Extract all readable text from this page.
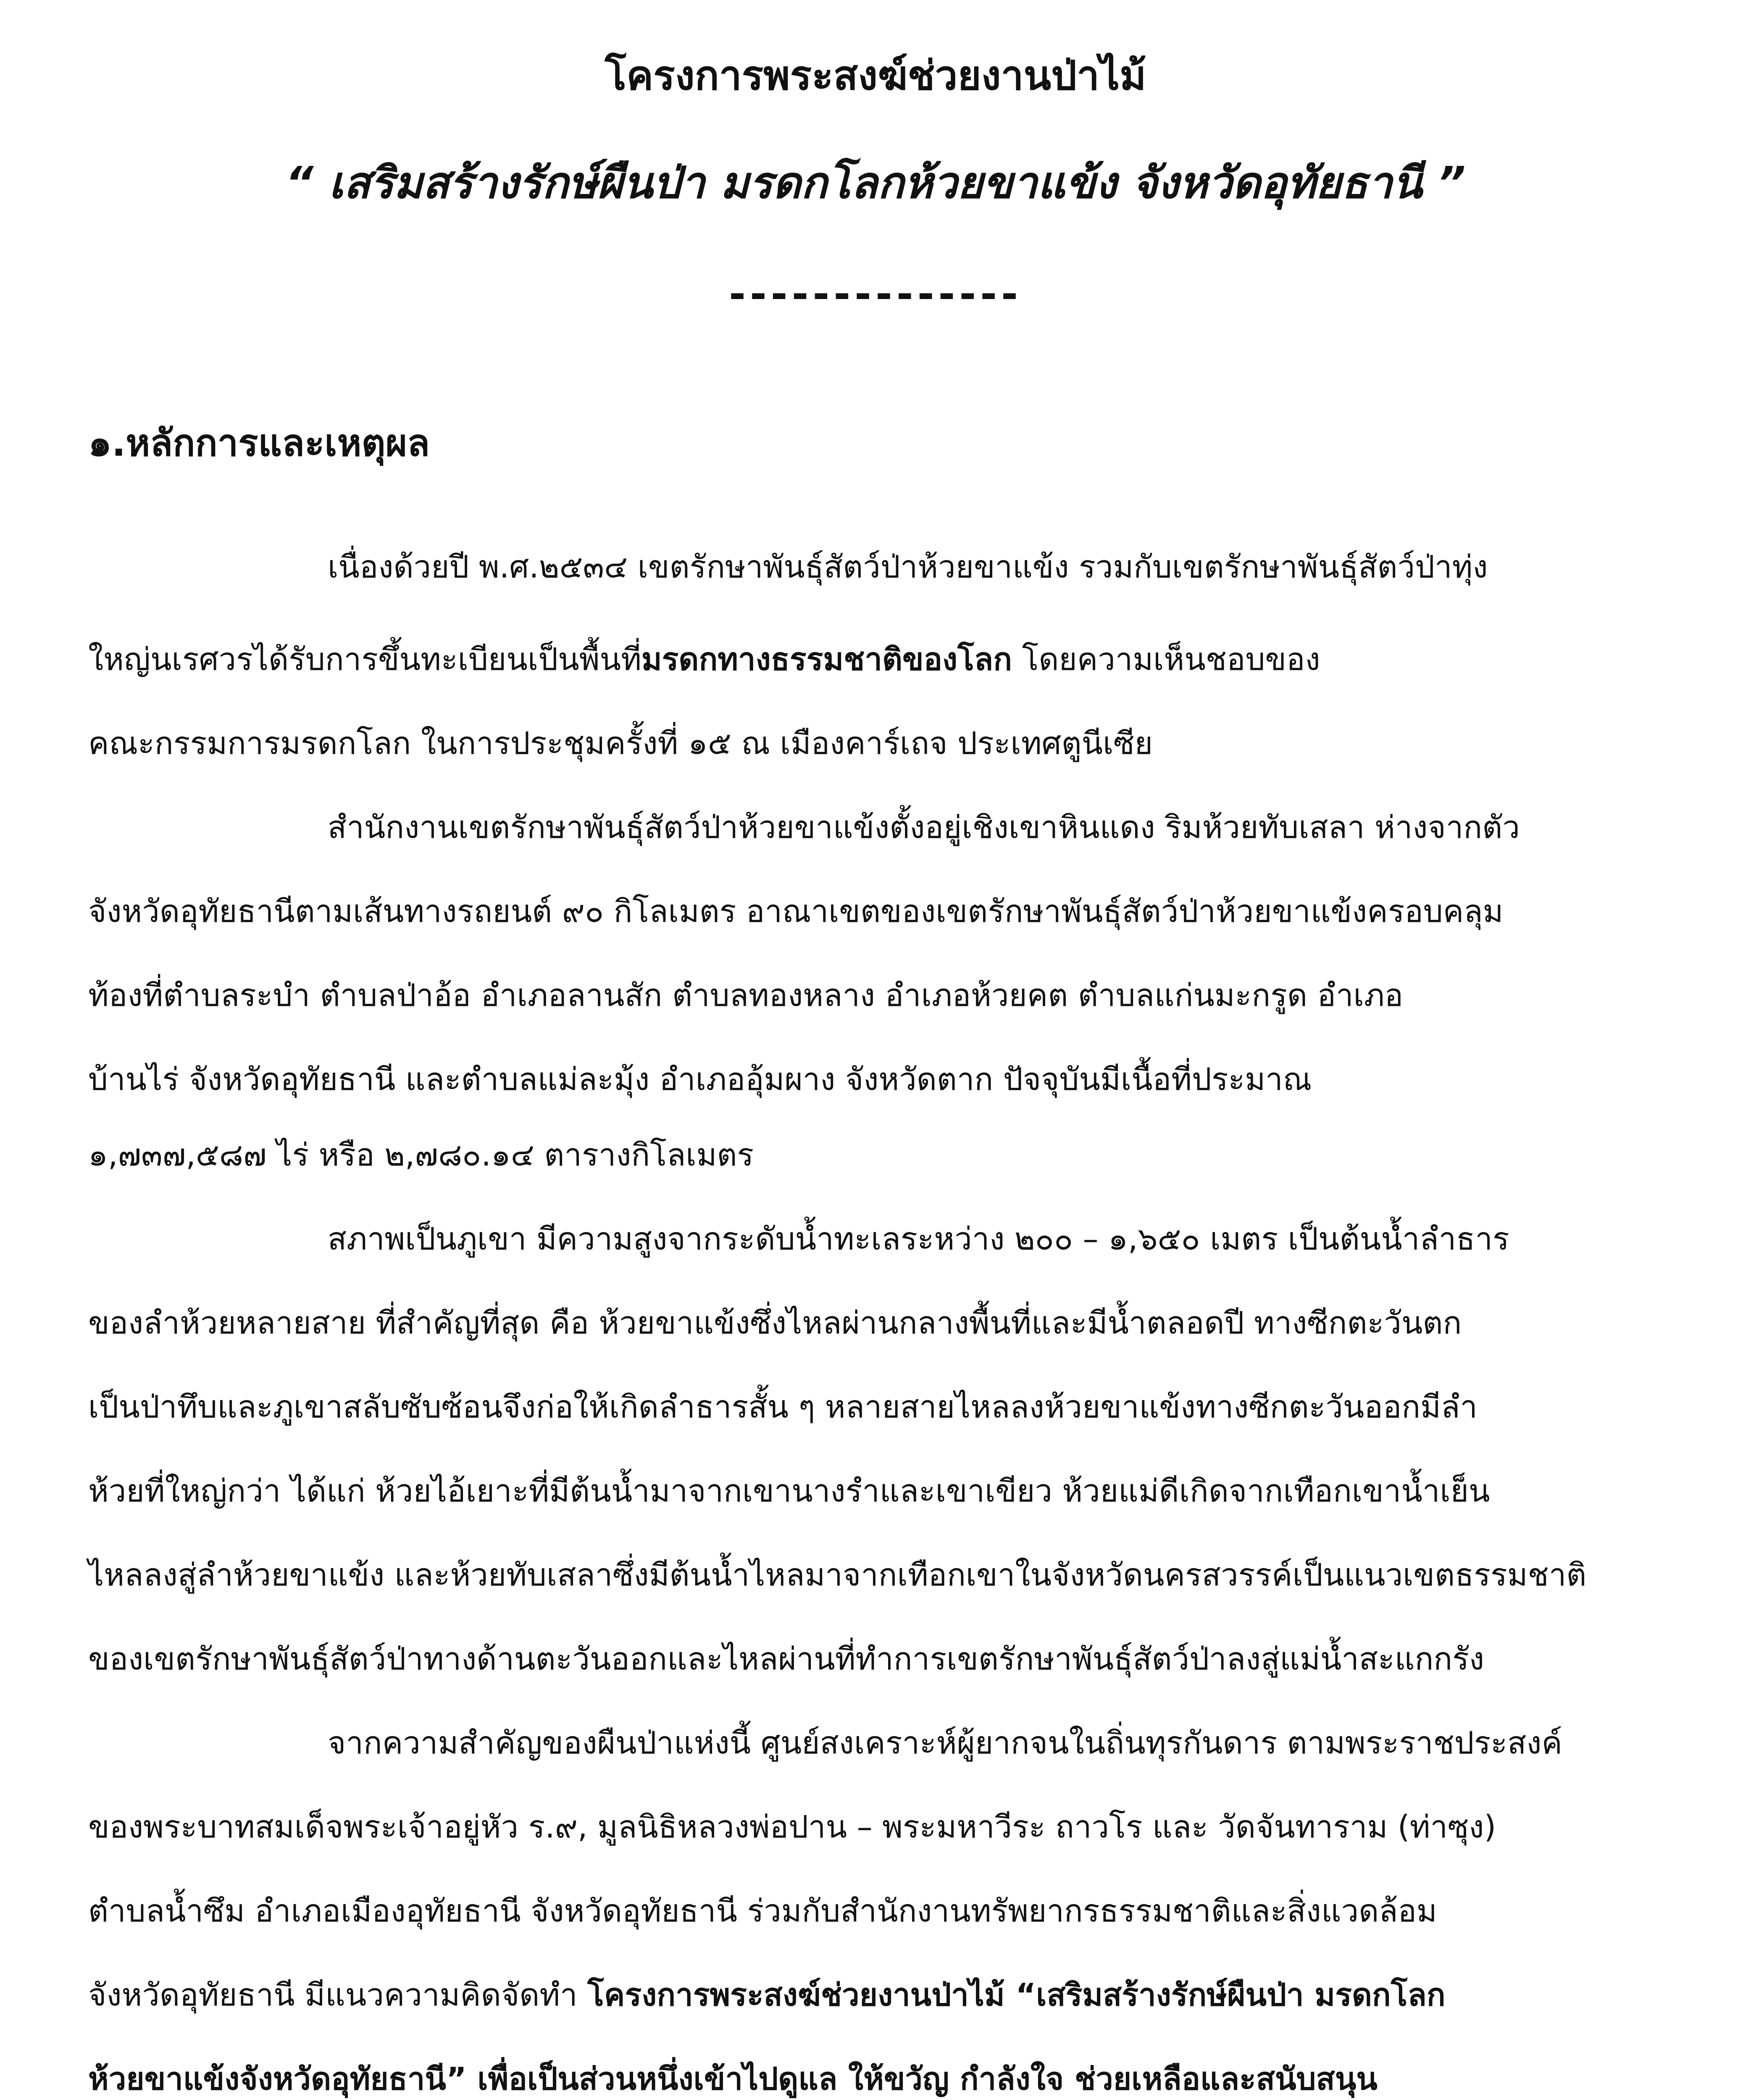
โครงการพระสงฆ์ช่วยงานป่าไม้
“ เสริมสร้างรักษ์ผืนป่า มรดกโลกห้วยขาแข้ง จังหวัดอุทัยธานี ”
--------------
๑.หลักการและเหตุผล
เนื่องด้วยปี พ.ศ.๒๕๓๔ เขตรักษาพันธุ์สัตว์ป่าห้วยขาแข้ง รวมกับเขตรักษาพันธุ์สัตว์ป่าทุ่ง
ใหญ่นเรศวรได้รับการขึ้นทะเบียนเป็นพื้นที่มรดกทางธรรมชาติของโลก โดยความเห็นชอบของ
คณะกรรมการมรดกโลก ในการประชุมครั้งที่ ๑๕ ณ เมืองคาร์เถจ ประเทศตูนีเซีย
สำนักงานเขตรักษาพันธุ์สัตว์ป่าห้วยขาแข้งตั้งอยู่เชิงเขาหินแดง ริมห้วยทับเสลา ห่างจากตัว
จังหวัดอุทัยธานีตามเส้นทางรถยนต์ ๙๐ กิโลเมตร อาณาเขตของเขตรักษาพันธุ์สัตว์ป่าห้วยขาแข้งครอบคลุม
ท้องที่ตำบลระบำ ตำบลป่าอ้อ อำเภอลานสัก ตำบลทองหลาง อำเภอห้วยคต ตำบลแก่นมะกรูด อำเภอ
บ้านไร่ จังหวัดอุทัยธานี และตำบลแม่ละมุ้ง อำเภออุ้มผาง จังหวัดตาก ปัจจุบันมีเนื้อที่ประมาณ
๑,๗๓๗,๕๘๗ ไร่ หรือ ๒,๗๘๐.๑๔ ตารางกิโลเมตร
สภาพเป็นภูเขา มีความสูงจากระดับน้ำทะเลระหว่าง ๒๐๐ – ๑,๖๕๐ เมตร เป็นต้นน้ำลำธาร
ของลำห้วยหลายสาย ที่สำคัญที่สุด คือ ห้วยขาแข้งซึ่งไหลผ่านกลางพื้นที่และมีน้ำตลอดปี ทางซีกตะวันตก
เป็นป่าทึบและภูเขาสลับซับซ้อนจึงก่อให้เกิดลำธารสั้น ๆ หลายสายไหลลงห้วยขาแข้งทางซีกตะวันออกมีลำ
ห้วยที่ใหญ่กว่า ได้แก่ ห้วยไอ้เยาะที่มีต้นน้ำมาจากเขานางรำและเขาเขียว ห้วยแม่ดีเกิดจากเทือกเขาน้ำเย็น
ไหลลงสู่ลำห้วยขาแข้ง และห้วยทับเสลาซึ่งมีต้นน้ำไหลมาจากเทือกเขาในจังหวัดนครสวรรค์เป็นแนวเขตธรรมชาติ
ของเขตรักษาพันธุ์สัตว์ป่าทางด้านตะวันออกและไหลผ่านที่ทำการเขตรักษาพันธุ์สัตว์ป่าลงสู่แม่น้ำสะแกกรัง
จากความสำคัญของผืนป่าแห่งนี้ ศูนย์สงเคราะห์ผู้ยากจนในถิ่นทุรกันดาร ตามพระราชประสงค์
ของพระบาทสมเด็จพระเจ้าอยู่หัว ร.๙, มูลนิธิหลวงพ่อปาน – พระมหาวีระ ถาวโร และ วัดจันทาราม (ท่าซุง)
ตำบลน้ำซึม อำเภอเมืองอุทัยธานี จังหวัดอุทัยธานี ร่วมกับสำนักงานทรัพยากรธรรมชาติและสิ่งแวดล้อม
จังหวัดอุทัยธานี มีแนวความคิดจัดทำ โครงการพระสงฆ์ช่วยงานป่าไม้ “เสริมสร้างรักษ์ผืนป่า มรดกโลก
ห้วยขาแข้งจังหวัดอุทัยธานี” เพื่อเป็นส่วนหนึ่งเข้าไปดูแล ให้ขวัญ กำลังใจ ช่วยเหลือและสนับสนุน
